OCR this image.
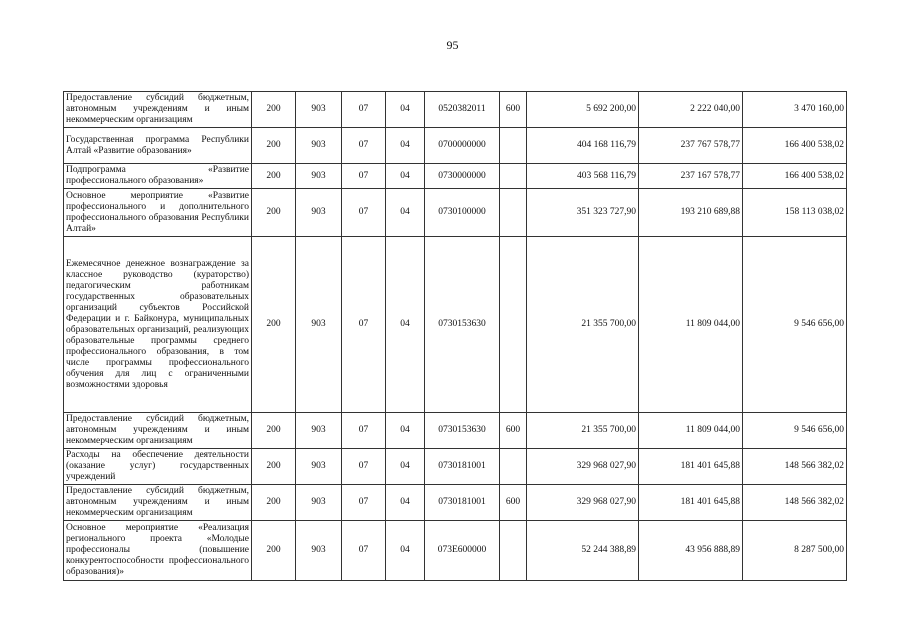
95
Предоставление субсидий бюджетным, автономным учреждениям и иным некоммерческим организациям	200	903	07	04	0520382011	600	5 692 200,00	2 222 040,00	3 470 160,00
Государственная программа Республики Алтай «Развитие образования»	200	903	07	04	0700000000		404 168 116,79	237 767 578,77	166 400 538,02
Подпрограмма «Развитие профессионального образования»	200	903	07	04	0730000000		403 568 116,79	237 167 578,77	166 400 538,02
Основное мероприятие «Развитие профессионального и дополнительного профессионального образования Республики Алтай»	200	903	07	04	0730100000		351 323 727,90	193 210 689,88	158 113 038,02
Ежемесячное денежное вознаграждение за классное руководство (кураторство) педагогическим работникам государственных образовательных организаций субъектов Российской Федерации и г. Байконура, муниципальных образовательных организаций, реализующих образовательные программы среднего профессионального образования, в том числе программы профессионального обучения для лиц с ограниченными возможностями здоровья	200	903	07	04	0730153630		21 355 700,00	11 809 044,00	9 546 656,00
Предоставление субсидий бюджетным, автономным учреждениям и иным некоммерческим организациям	200	903	07	04	0730153630	600	21 355 700,00	11 809 044,00	9 546 656,00
Расходы на обеспечение деятельности (оказание услуг) государственных учреждений	200	903	07	04	0730181001		329 968 027,90	181 401 645,88	148 566 382,02
Предоставление субсидий бюджетным, автономным учреждениям и иным некоммерческим организациям	200	903	07	04	0730181001	600	329 968 027,90	181 401 645,88	148 566 382,02
Основное мероприятие «Реализация регионального проекта «Молодые профессионалы (повышение конкурентоспособности профессионального образования)»	200	903	07	04	073E600000		52 244 388,89	43 956 888,89	8 287 500,00
